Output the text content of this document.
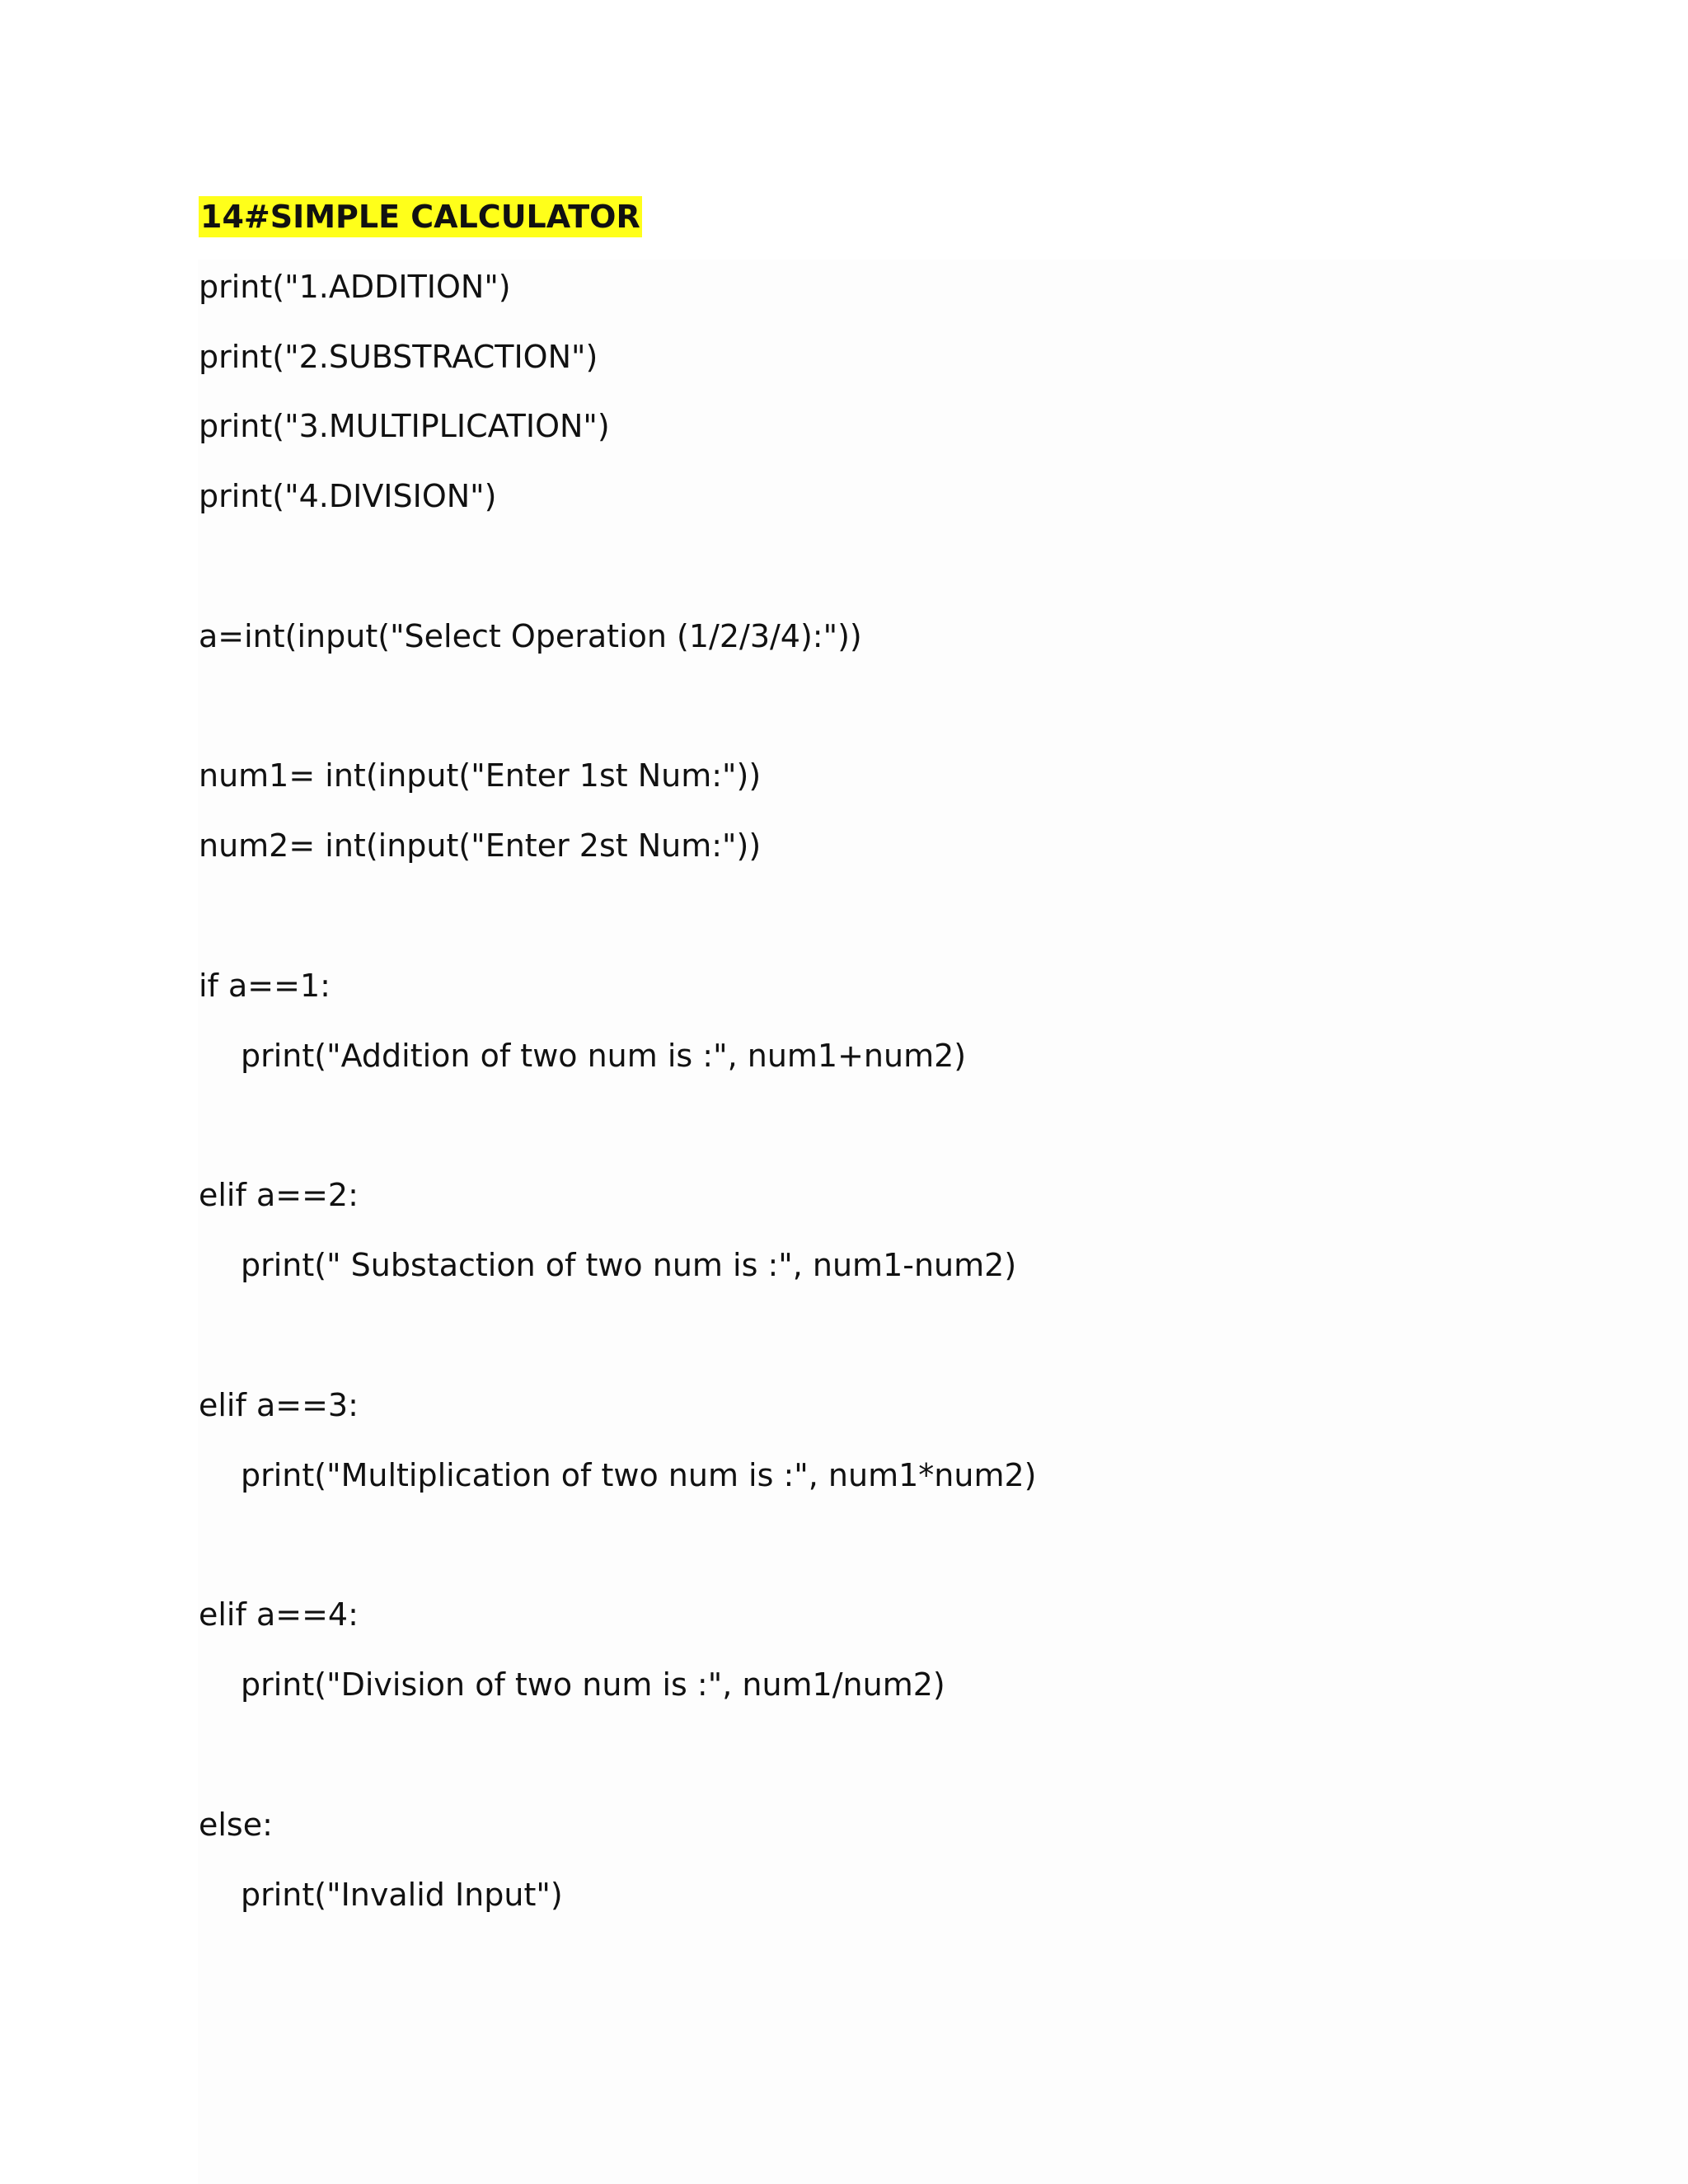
14#SIMPLE CALCULATOR
print("1.ADDITION")
print("2.SUBSTRACTION")
print("3.MULTIPLICATION")
print("4.DIVISION")
a=int(input("Select Operation (1/2/3/4):"))
num1= int(input("Enter 1st Num:"))
num2= int(input("Enter 2st Num:"))
if a==1:
print("Addition of two num is :", num1+num2)
elif a==2:
print(" Substaction of two num is :", num1-num2)
elif a==3:
print("Multiplication of two num is :", num1*num2)
elif a==4:
print("Division of two num is :", num1/num2)
else:
print("Invalid Input")
